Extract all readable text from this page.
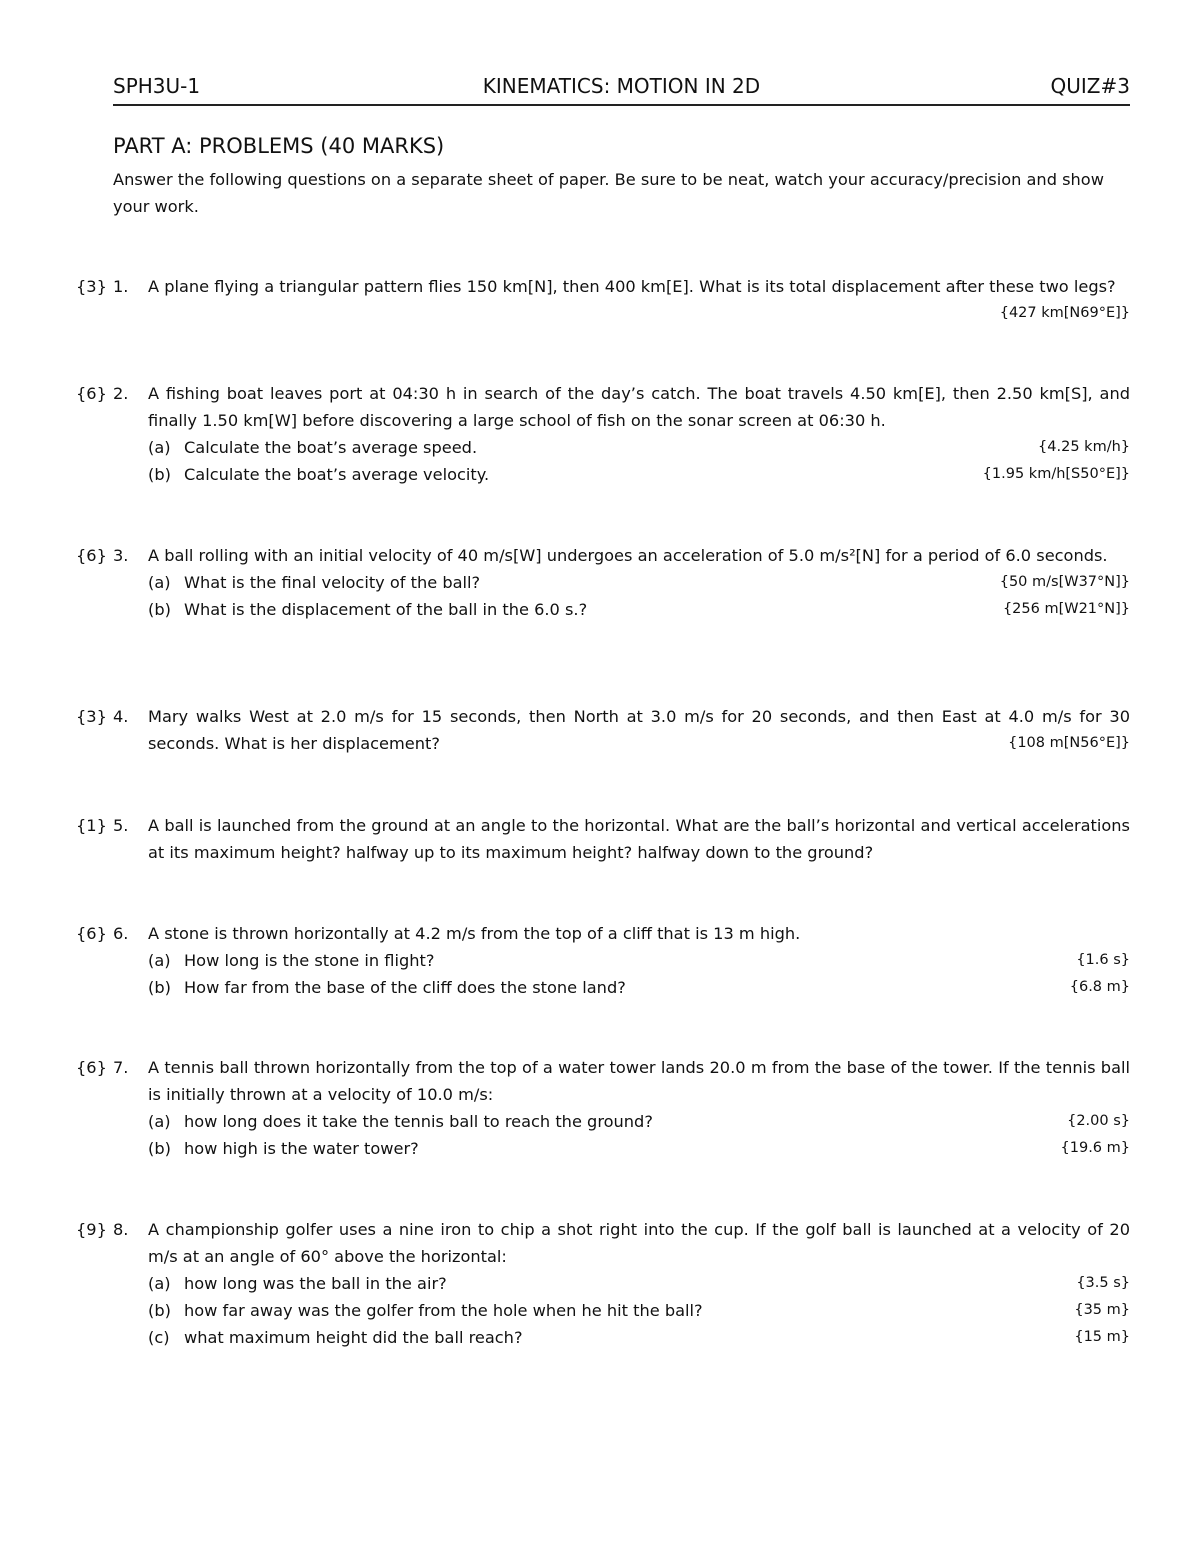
SPH3U-1	KINEMATICS: MOTION IN 2D	QUIZ#3
PART A: PROBLEMS (40 MARKS)
Answer the following questions on a separate sheet of paper. Be sure to be neat, watch your accuracy/precision and show your work.
{3} 1. A plane flying a triangular pattern flies 150 km[N], then 400 km[E]. What is its total displacement after these two legs?
{427 km[N69°E]}
{6} 2. A fishing boat leaves port at 04:30 h in search of the day’s catch. The boat travels 4.50 km[E], then 2.50 km[S], and finally 1.50 km[W] before discovering a large school of fish on the sonar screen at 06:30 h.
(a) Calculate the boat’s average speed.	{4.25 km/h}
(b) Calculate the boat’s average velocity.	{1.95 km/h[S50°E]}
{6} 3. A ball rolling with an initial velocity of 40 m/s[W] undergoes an acceleration of 5.0 m/s²[N] for a period of 6.0 seconds.
(a) What is the final velocity of the ball?	{50 m/s[W37°N]}
(b) What is the displacement of the ball in the 6.0 s.?	{256 m[W21°N]}
{3} 4. Mary walks West at 2.0 m/s for 15 seconds, then North at 3.0 m/s for 20 seconds, and then East at 4.0 m/s for 30 seconds. What is her displacement?	{108 m[N56°E]}
{1} 5. A ball is launched from the ground at an angle to the horizontal. What are the ball’s horizontal and vertical accelerations at its maximum height? halfway up to its maximum height? halfway down to the ground?
{6} 6. A stone is thrown horizontally at 4.2 m/s from the top of a cliff that is 13 m high.
(a) How long is the stone in flight?	{1.6 s}
(b) How far from the base of the cliff does the stone land?	{6.8 m}
{6} 7. A tennis ball thrown horizontally from the top of a water tower lands 20.0 m from the base of the tower. If the tennis ball is initially thrown at a velocity of 10.0 m/s:
(a) how long does it take the tennis ball to reach the ground?	{2.00 s}
(b) how high is the water tower?	{19.6 m}
{9} 8. A championship golfer uses a nine iron to chip a shot right into the cup. If the golf ball is launched at a velocity of 20 m/s at an angle of 60° above the horizontal:
(a) how long was the ball in the air?	{3.5 s}
(b) how far away was the golfer from the hole when he hit the ball?	{35 m}
(c) what maximum height did the ball reach?	{15 m}
